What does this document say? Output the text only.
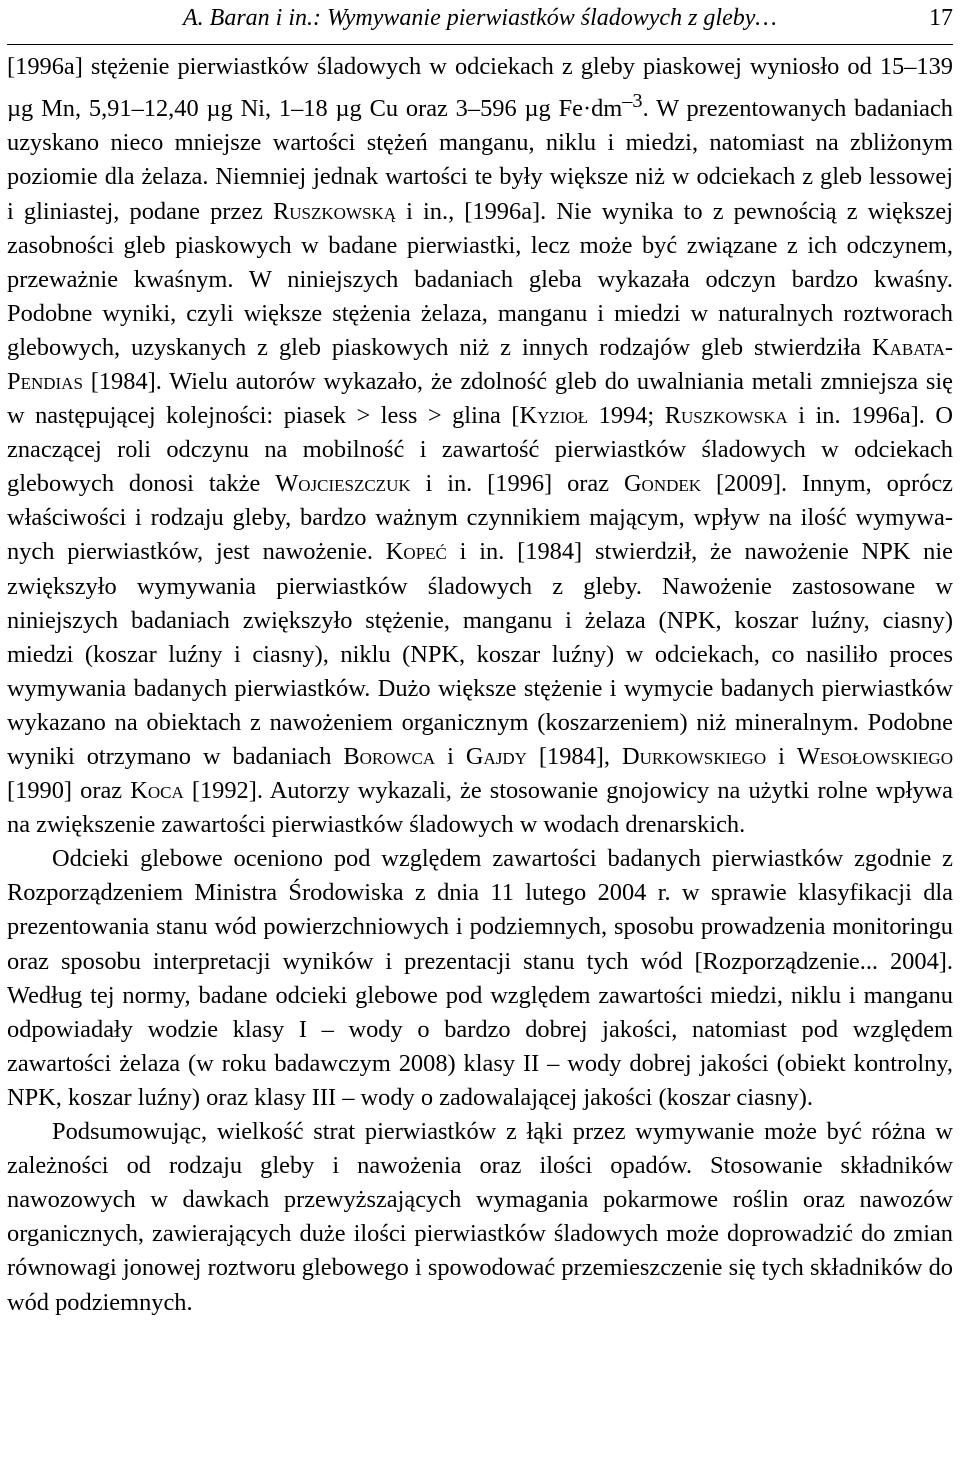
A. Baran i in.: Wymywanie pierwiastków śladowych z gleby…	17

[1996a] stężenie pierwiastków śladowych w odciekach z gleby piaskowej wyniosło od 15–139 µg Mn, 5,91–12,40 µg Ni, 1–18 µg Cu oraz 3–596 µg $Fe\cdot dm^{-3}$. W prezentowanych badaniach uzyskano nieco mniejsze wartości stężeń manganu, niklu i miedzi, natomiast na zbliżonym poziomie dla żelaza. Niemniej jednak wartości te były większe niż w odciekach z gleb lessowej i gliniastej, podane przez Ruszkowską i in., [1996a]. Nie wynika to z pewnością z większej zasobności gleb piaskowych w badane pierwiastki, lecz może być związane z ich odczynem, przeważnie kwaśnym. W niniejszych badaniach gleba wykazała odczyn bardzo kwaśny. Podobne wyniki, czyli większe stężenia żelaza, manganu i miedzi w naturalnych roztworach glebowych, uzyskanych z gleb piaskowych niż z innych rodzajów gleb stwierdziła Kabata-Pendias [1984]. Wielu autorów wykazało, że zdolność gleb do uwalniania metali zmniejsza się w następującej kolejności: piasek > less > glina [Kyzioł 1994; Ruszkowska i in. 1996a]. O znaczącej roli odczynu na mobilność i zawartość pierwiastków śladowych w odciekach glebowych donosi także Wojcieszczuk i in. [1996] oraz Gondek [2009]. Innym, oprócz właściwości i rodzaju gleby, bardzo ważnym czynnikiem mającym, wpływ na ilość wymywanych pierwiastków, jest nawożenie. Kopeć i in. [1984] stwierdził, że nawożenie NPK nie zwiększyło wymywania pierwiastków śladowych z gleby. Nawożenie zastosowane w niniejszych badaniach zwiększyło stężenie, manganu i żelaza (NPK, koszar luźny, ciasny) miedzi (koszar luźny i ciasny), niklu (NPK, koszar luźny) w odciekach, co nasiliło proces wymywania badanych pierwiastków. Dużo większe stężenie i wymycie badanych pierwiastków wykazano na obiektach z nawożeniem organicznym (koszarzeniem) niż mineralnym. Podobne wyniki otrzymano w badaniach Borowca i Gajdy [1984], Durkowskiego i Wesołowskiego [1990] oraz Koca [1992]. Autorzy wykazali, że stosowanie gnojowicy na użytki rolne wpływa na zwiększenie zawartości pierwiastków śladowych w wodach drenarskich.

Odcieki glebowe oceniono pod względem zawartości badanych pierwiastków zgodnie z Rozporządzeniem Ministra Środowiska z dnia 11 lutego 2004 r. w sprawie klasyfikacji dla prezentowania stanu wód powierzchniowych i podziemnych, sposobu prowadzenia monitoringu oraz sposobu interpretacji wyników i prezentacji stanu tych wód [Rozporządzenie... 2004]. Według tej normy, badane odcieki glebowe pod względem zawartości miedzi, niklu i manganu odpowiadały wodzie klasy I – wody o bardzo dobrej jakości, natomiast pod względem zawartości żelaza (w roku badawczym 2008) klasy II – wody dobrej jakości (obiekt kontrolny, NPK, koszar luźny) oraz klasy III – wody o zadowalającej jakości (koszar ciasny).

Podsumowując, wielkość strat pierwiastków z łąki przez wymywanie może być różna w zależności od rodzaju gleby i nawożenia oraz ilości opadów. Stosowanie składników nawozowych w dawkach przewyższających wymagania pokarmowe roślin oraz nawozów organicznych, zawierających duże ilości pierwiastków śladowych może doprowadzić do zmian równowagi jonowej roztworu glebowego i spowodować przemieszczenie się tych składników do wód podziemnych.
